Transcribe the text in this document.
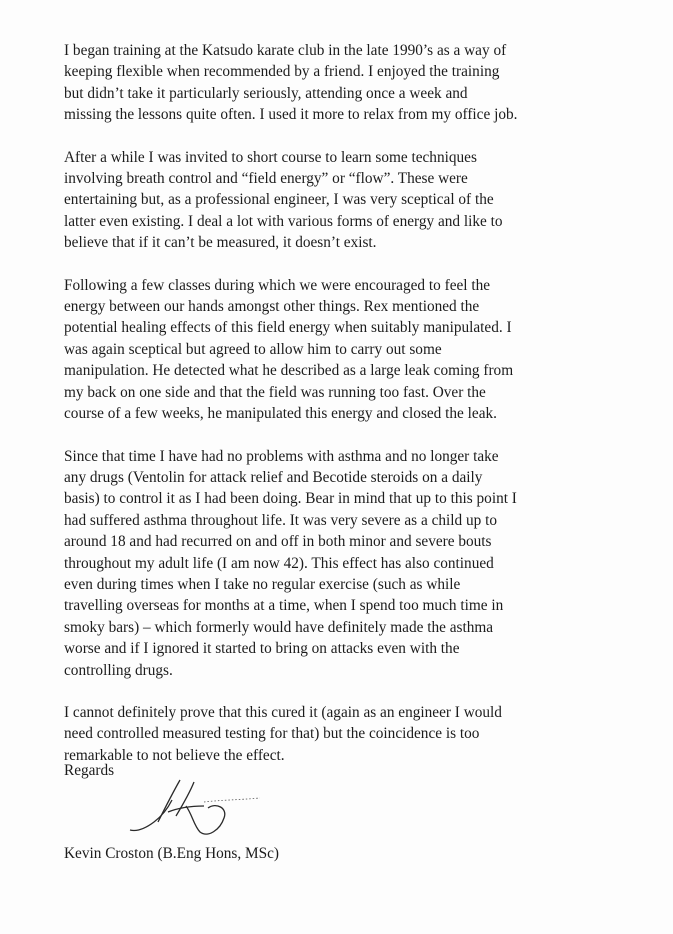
I began training at the Katsudo karate club in the late 1990’s as a way of
keeping flexible when recommended by a friend. I enjoyed the training
but didn’t take it particularly seriously, attending once a week and
missing the lessons quite often. I used it more to relax from my office job.
After a while I was invited to short course to learn some techniques
involving breath control and “field energy” or “flow”. These were
entertaining but, as a professional engineer, I was very sceptical of the
latter even existing. I deal a lot with various forms of energy and like to
believe that if it can’t be measured, it doesn’t exist.
Following a few classes during which we were encouraged to feel the
energy between our hands amongst other things. Rex mentioned the
potential healing effects of this field energy when suitably manipulated. I
was again sceptical but agreed to allow him to carry out some
manipulation. He detected what he described as a large leak coming from
my back on one side and that the field was running too fast. Over the
course of a few weeks, he manipulated this energy and closed the leak.
Since that time I have had no problems with asthma and no longer take
any drugs (Ventolin for attack relief and Becotide steroids on a daily
basis) to control it as I had been doing. Bear in mind that up to this point I
had suffered asthma throughout life. It was very severe as a child up to
around 18 and had recurred on and off in both minor and severe bouts
throughout my adult life (I am now 42). This effect has also continued
even during times when I take no regular exercise (such as while
travelling overseas for months at a time, when I spend too much time in
smoky bars) – which formerly would have definitely made the asthma
worse and if I ignored it started to bring on attacks even with the
controlling drugs.
I cannot definitely prove that this cured it (again as an engineer I would
need controlled measured testing for that) but the coincidence is too
remarkable to not believe the effect.
Regards
Kevin Croston (B.Eng Hons, MSc)
